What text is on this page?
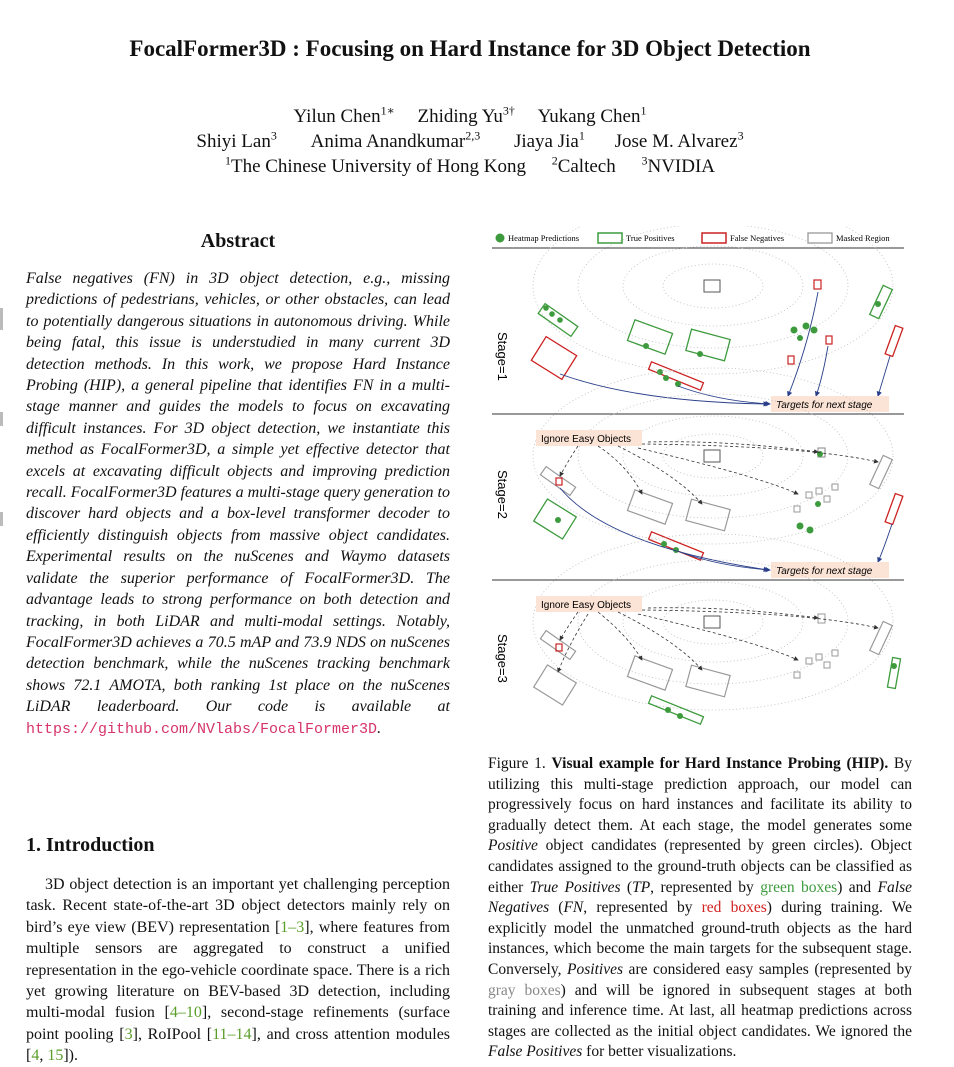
FocalFormer3D : Focusing on Hard Instance for 3D Object Detection
Yilun Chen$^{1∗}$ Zhiding $Yu^{3\dagger}$ Yukang Chen$^1$
Shiyi Lan$^3$ Anima Anandkumar$^{2,3}$ Jiaya Jia$^1$ Jose M. Alvarez$^3$
$^1$The Chinese University of Hong Kong $^2$Caltech $^3$NVIDIA
Abstract
False negatives (FN) in 3D object detection, e.g., missing predictions of pedestrians, vehicles, or other obstacles, can lead to potentially dangerous situations in autonomous driving. While being fatal, this issue is understudied in many current 3D detection methods. In this work, we propose Hard Instance Probing (HIP), a general pipeline that identifies FN in a multi-stage manner and guides the models to focus on excavating difficult instances. For 3D object detection, we instantiate this method as FocalFormer3D, a simple yet effective detector that excels at excavating difficult objects and improving prediction recall. FocalFormer3D features a multi-stage query generation to discover hard objects and a box-level transformer decoder to efficiently distinguish objects from massive object candidates. Experimental results on the nuScenes and Waymo datasets validate the superior performance of FocalFormer3D. The advantage leads to strong performance on both detection and tracking, in both LiDAR and multi-modal settings. Notably, FocalFormer3D achieves a 70.5 mAP and 73.9 NDS on nuScenes detection benchmark, while the nuScenes tracking benchmark shows 72.1 AMOTA, both ranking 1st place on the nuScenes LiDAR leaderboard. Our code is available at https://github.com/NVlabs/FocalFormer3D.
1. Introduction
3D object detection is an important yet challenging perception task. Recent state-of-the-art 3D object detectors mainly rely on bird’s eye view (BEV) representation [1–3], where features from multiple sensors are aggregated to construct a unified representation in the ego-vehicle coordinate space. There is a rich yet growing literature on BEV-based 3D detection, including multi-modal fusion [4–10], second-stage refinements (surface point pooling [3], RoIPool [11–14], and cross attention modules [4, 15]).
Heatmap Predictions	True Positives	False Negatives	Masked Region
Stage=1
Targets for next stage
Stage=2
Ignore Easy Objects
Targets for next stage
Stage=3
Ignore Easy Objects
Figure 1. Visual example for Hard Instance Probing (HIP). By utilizing this multi-stage prediction approach, our model can progressively focus on hard instances and facilitate its ability to gradually detect them. At each stage, the model generates some Positive object candidates (represented by green circles). Object candidates assigned to the ground-truth objects can be classified as either True Positives (TP, represented by green boxes) and False Negatives (FN, represented by red boxes) during training. We explicitly model the unmatched ground-truth objects as the hard instances, which become the main targets for the subsequent stage. Conversely, Positives are considered easy samples (represented by gray boxes) and will be ignored in subsequent stages at both training and inference time. At last, all heatmap predictions across stages are collected as the initial object candidates. We ignored the False Positives for better visualizations.
